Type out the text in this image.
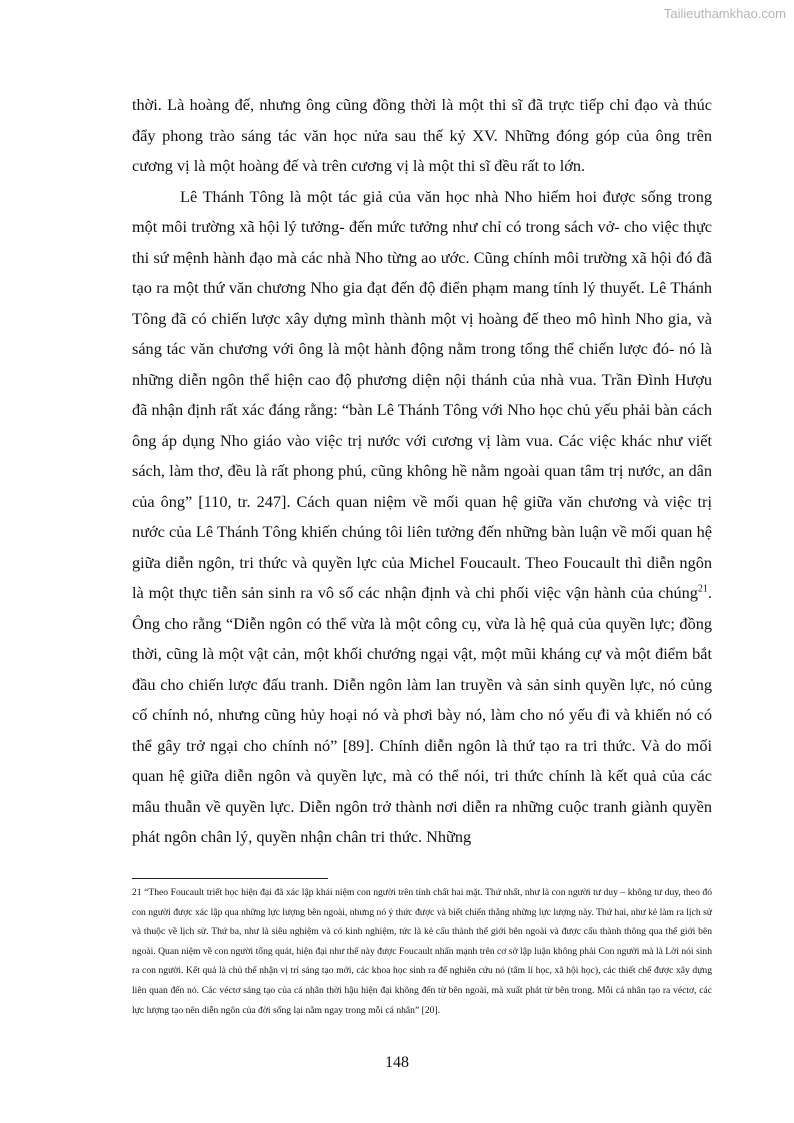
Tailieuthamkhao.com

thời. Là hoàng đế, nhưng ông cũng đồng thời là một thi sĩ đã trực tiếp chỉ đạo và thúc đẩy phong trào sáng tác văn học nửa sau thế kỷ XV. Những đóng góp của ông trên cương vị là một hoàng đế và trên cương vị là một thi sĩ đều rất to lớn.

Lê Thánh Tông là một tác giả của văn học nhà Nho hiếm hoi được sống trong một môi trường xã hội lý tưởng- đến mức tưởng như chỉ có trong sách vở- cho việc thực thi sứ mệnh hành đạo mà các nhà Nho từng ao ước. Cũng chính môi trường xã hội đó đã tạo ra một thứ văn chương Nho gia đạt đến độ điển phạm mang tính lý thuyết. Lê Thánh Tông đã có chiến lược xây dựng mình thành một vị hoàng đế theo mô hình Nho gia, và sáng tác văn chương với ông là một hành động nằm trong tổng thể chiến lược đó- nó là những diễn ngôn thể hiện cao độ phương diện nội thánh của nhà vua. Trần Đình Hượu đã nhận định rất xác đáng rằng: “bàn Lê Thánh Tông với Nho học chủ yếu phải bàn cách ông áp dụng Nho giáo vào việc trị nước với cương vị làm vua. Các việc khác như viết sách, làm thơ, đều là rất phong phú, cũng không hề nằm ngoài quan tâm trị nước, an dân của ông” [110, tr. 247]. Cách quan niệm về mối quan hệ giữa văn chương và việc trị nước của Lê Thánh Tông khiến chúng tôi liên tưởng đến những bàn luận về mối quan hệ giữa diễn ngôn, tri thức và quyền lực của Michel Foucault. Theo Foucault thì diễn ngôn là một thực tiễn sản sinh ra vô số các nhận định và chi phối việc vận hành của chúng$^{21}$. Ông cho rằng “Diễn ngôn có thể vừa là một công cụ, vừa là hệ quả của quyền lực; đồng thời, cũng là một vật cản, một khối chướng ngại vật, một mũi kháng cự và một điểm bắt đầu cho chiến lược đấu tranh. Diễn ngôn làm lan truyền và sản sinh quyền lực, nó củng cố chính nó, nhưng cũng hủy hoại nó và phơi bày nó, làm cho nó yếu đi và khiến nó có thể gây trở ngại cho chính nó” [89]. Chính diễn ngôn là thứ tạo ra tri thức. Và do mối quan hệ giữa diễn ngôn và quyền lực, mà có thể nói, tri thức chính là kết quả của các mâu thuẫn về quyền lực. Diễn ngôn trở thành nơi diễn ra những cuộc tranh giành quyền phát ngôn chân lý, quyền nhận chân tri thức. Những

21 “Theo Foucault triết học hiện đại đã xác lập khái niệm con người trên tính chất hai mặt. Thứ nhất, như là con người tư duy – không tư duy, theo đó con người được xác lập qua những lực lượng bên ngoài, nhưng nó ý thức được và biết chiến thắng những lực lượng này. Thứ hai, như kẻ làm ra lịch sử và thuộc về lịch sử. Thứ ba, như là siêu nghiệm và có kinh nghiệm, tức là kẻ cấu thành thế giới bên ngoài và được cấu thành thông qua thế giới bên ngoài. Quan niệm về con người tổng quát, hiện đại như thế này được Foucault nhấn mạnh trên cơ sở lập luận không phải Con người mà là Lời nói sinh ra con người. Kết quả là chủ thể nhận vị trí sáng tạo mới, các khoa học sinh ra để nghiên cứu nó (tâm lí học, xã hội học), các thiết chế được xây dựng liên quan đến nó. Các véctơ sáng tạo của cá nhân thời hậu hiện đại không đến từ bên ngoài, mà xuất phát từ bên trong. Mỗi cá nhân tạo ra véctơ, các lực lượng tạo nên diễn ngôn của đời sống lại nằm ngay trong mỗi cá nhân” [20].

148
